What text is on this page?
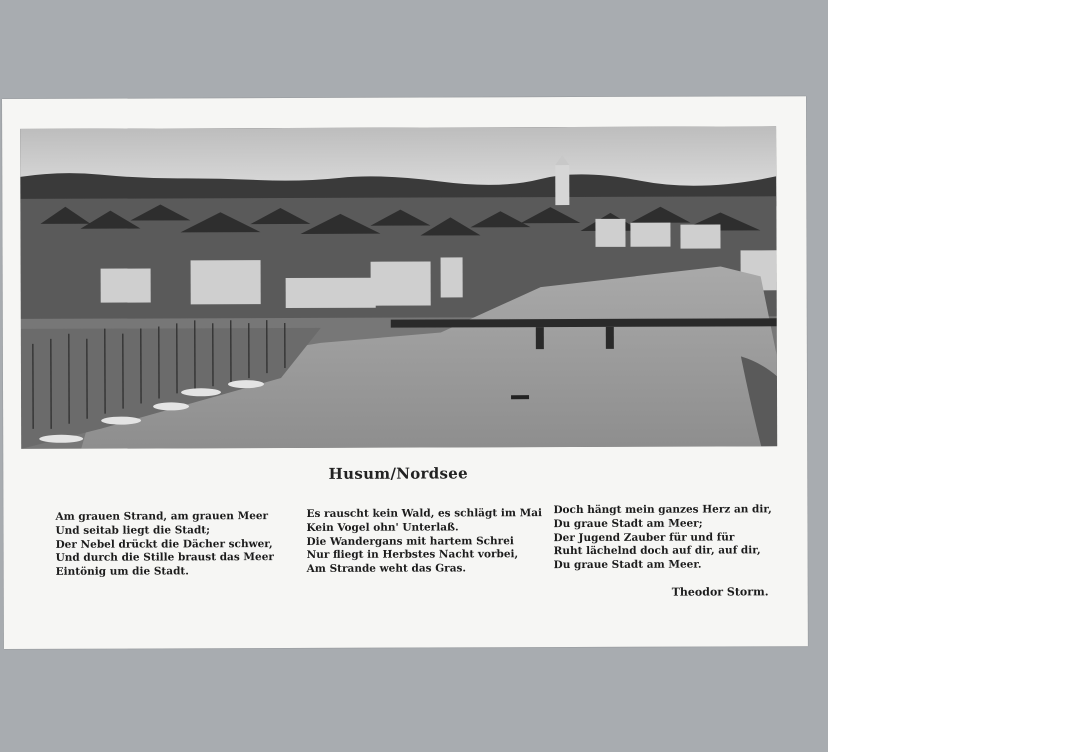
Husum/Nordsee
Am grauen Strand, am grauen Meer
Und seitab liegt die Stadt;
Der Nebel drückt die Dächer schwer,
Und durch die Stille braust das Meer
Eintönig um die Stadt.
Es rauscht kein Wald, es schlägt im Mai
Kein Vogel ohn' Unterlaß.
Die Wandergans mit hartem Schrei
Nur fliegt in Herbstes Nacht vorbei,
Am Strande weht das Gras.
Doch hängt mein ganzes Herz an dir,
Du graue Stadt am Meer;
Der Jugend Zauber für und für
Ruht lächelnd doch auf dir, auf dir,
Du graue Stadt am Meer.
Theodor Storm.
